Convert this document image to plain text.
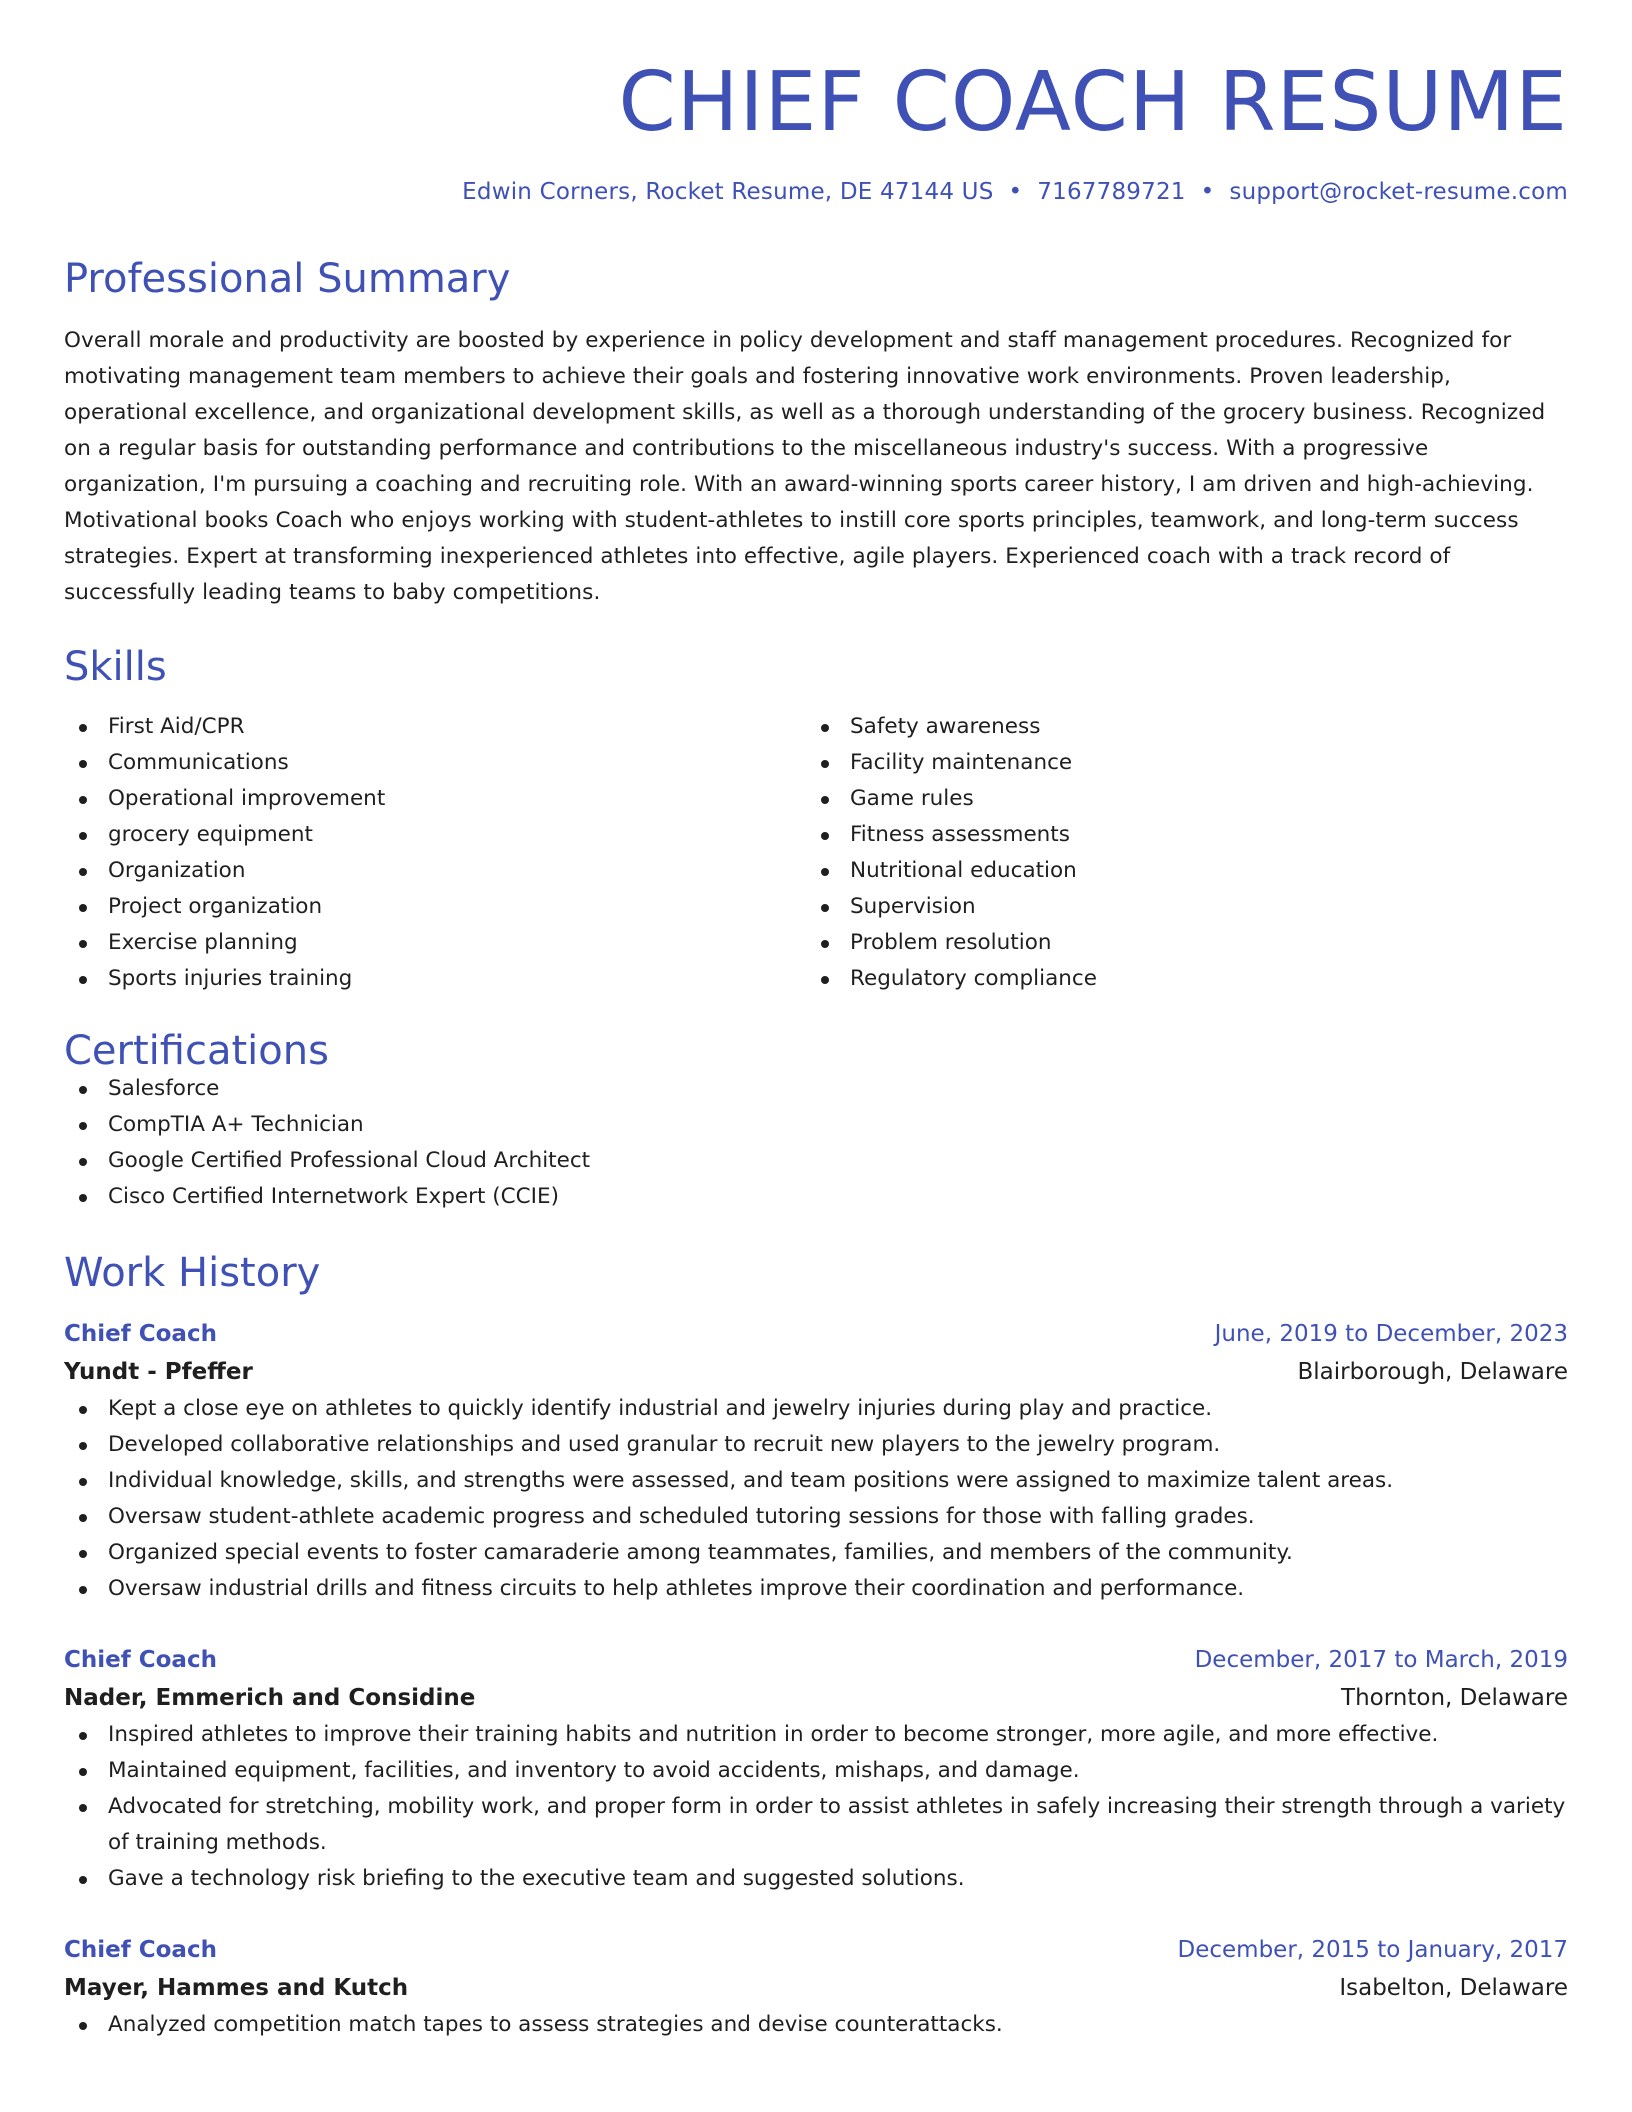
CHIEF COACH RESUME
Edwin Corners, Rocket Resume, DE 47144 US • 7167789721 • support@rocket-resume.com
Professional Summary

Overall morale and productivity are boosted by experience in policy development and staff management procedures. Recognized for motivating management team members to achieve their goals and fostering innovative work environments. Proven leadership, operational excellence, and organizational development skills, as well as a thorough understanding of the grocery business. Recognized on a regular basis for outstanding performance and contributions to the miscellaneous industry's success. With a progressive organization, I'm pursuing a coaching and recruiting role. With an award-winning sports career history, I am driven and high-achieving. Motivational books Coach who enjoys working with student-athletes to instill core sports principles, teamwork, and long-term success strategies. Expert at transforming inexperienced athletes into effective, agile players. Experienced coach with a track record of successfully leading teams to baby competitions.

Skills
First Aid/CPR
Communications
Operational improvement
grocery equipment
Organization
Project organization
Exercise planning
Sports injuries training
Safety awareness
Facility maintenance
Game rules
Fitness assessments
Nutritional education
Supervision
Problem resolution
Regulatory compliance
Certifications
Salesforce
CompTIA A+ Technician
Google Certified Professional Cloud Architect
Cisco Certified Internetwork Expert (CCIE)
Work History
Chief Coach	June, 2019 to December, 2023
Yundt - Pfeffer	Blairborough, Delaware
Kept a close eye on athletes to quickly identify industrial and jewelry injuries during play and practice.
Developed collaborative relationships and used granular to recruit new players to the jewelry program.
Individual knowledge, skills, and strengths were assessed, and team positions were assigned to maximize talent areas.
Oversaw student-athlete academic progress and scheduled tutoring sessions for those with falling grades.
Organized special events to foster camaraderie among teammates, families, and members of the community.
Oversaw industrial drills and fitness circuits to help athletes improve their coordination and performance.
Chief Coach	December, 2017 to March, 2019
Nader, Emmerich and Considine	Thornton, Delaware
Inspired athletes to improve their training habits and nutrition in order to become stronger, more agile, and more effective.
Maintained equipment, facilities, and inventory to avoid accidents, mishaps, and damage.
Advocated for stretching, mobility work, and proper form in order to assist athletes in safely increasing their strength through a variety of training methods.
Gave a technology risk briefing to the executive team and suggested solutions.
Chief Coach	December, 2015 to January, 2017
Mayer, Hammes and Kutch	Isabelton, Delaware
Analyzed competition match tapes to assess strategies and devise counterattacks.
